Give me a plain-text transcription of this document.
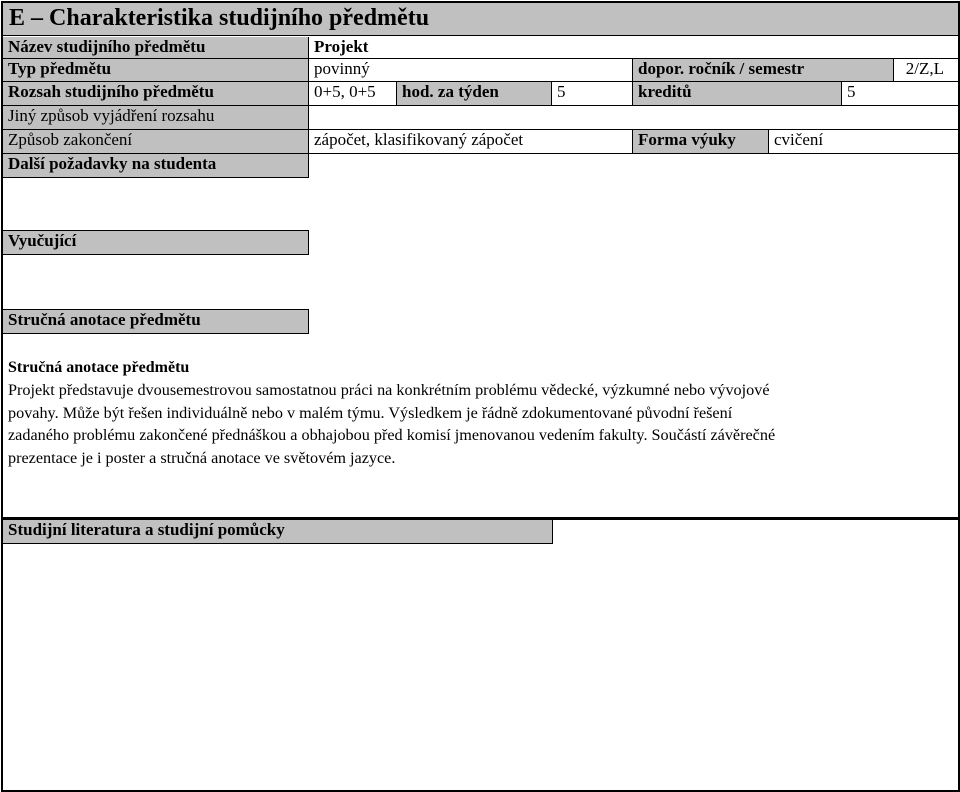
E – Charakteristika studijního předmětu
Název studijního předmětu	Projekt
Typ předmětu	povinný	dopor. ročník / semestr	2/Z,L
Rozsah studijního předmětu	0+5, 0+5	hod. za týden	5	kreditů	5
Jiný způsob vyjádření rozsahu
Způsob zakončení	zápočet, klasifikovaný zápočet	Forma výuky	cvičení
Další požadavky na studenta
Vyučující
Stručná anotace předmětu
Stručná anotace předmětu
Projekt představuje dvousemestrovou samostatnou práci na konkrétním problému vědecké, výzkumné nebo vývojové
povahy. Může být řešen individuálně nebo v malém týmu. Výsledkem je řádně zdokumentované původní řešení
zadaného problému zakončené přednáškou a obhajobou před komisí jmenovanou vedením fakulty. Součástí závěrečné
prezentace je i poster a stručná anotace ve světovém jazyce.
Studijní literatura a studijní pomůcky
